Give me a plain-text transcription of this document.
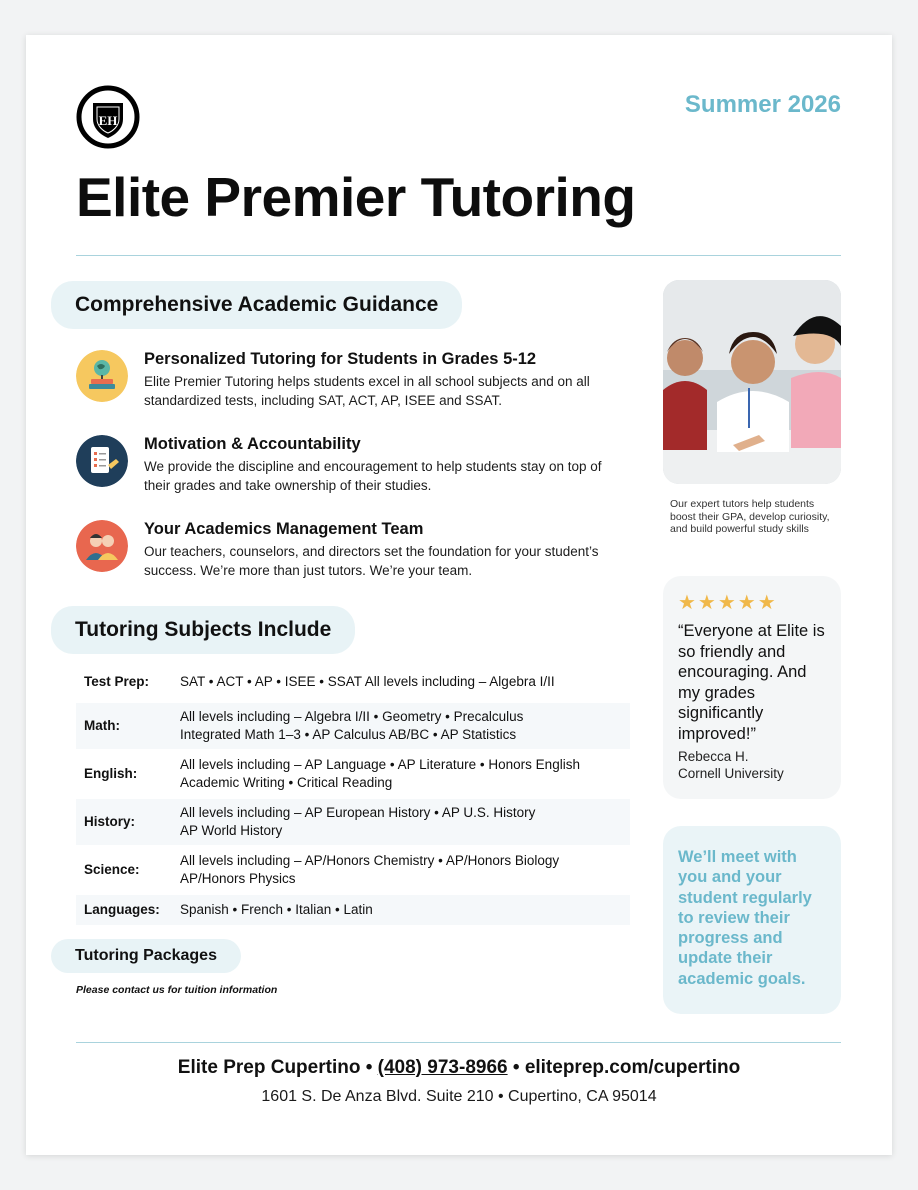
EH
Summer 2026
Elite Premier Tutoring
Comprehensive Academic Guidance
Personalized Tutoring for Students in Grades 5-12
Elite Premier Tutoring helps students excel in all school subjects and on all standardized tests, including SAT, ACT, AP, ISEE and SSAT.
Motivation & Accountability
We provide the discipline and encouragement to help students stay on top of their grades and take ownership of their studies.
Your Academics Management Team
Our teachers, counselors, and directors set the foundation for your student’s success. We’re more than just tutors. We’re your team.
Tutoring Subjects Include
Test Prep:	SAT • ACT • AP • ISEE • SSAT All levels including – Algebra I/II

Math:	All levels including – Algebra I/II • Geometry • Precalculus
Integrated Math 1–3 • AP Calculus AB/BC • AP Statistics

English:	All levels including – AP Language • AP Literature • Honors English
Academic Writing • Critical Reading

History:	All levels including – AP European History • AP U.S. History
AP World History

Science:	All levels including – AP/Honors Chemistry • AP/Honors Biology
AP/Honors Physics

Languages:	Spanish • French • Italian • Latin
Tutoring Packages
Please contact us for tuition information
Our expert tutors help students boost their GPA, develop curiosity, and build powerful study skills
★★★★★
“Everyone at Elite is so friendly and encouraging. And my grades significantly improved!”
Rebecca H.
Cornell University
We’ll meet with you and your student regularly to review their progress and update their academic goals.
Elite Prep Cupertino • (408) 973-8966 • eliteprep.com/cupertino
1601 S. De Anza Blvd. Suite 210 • Cupertino, CA 95014
